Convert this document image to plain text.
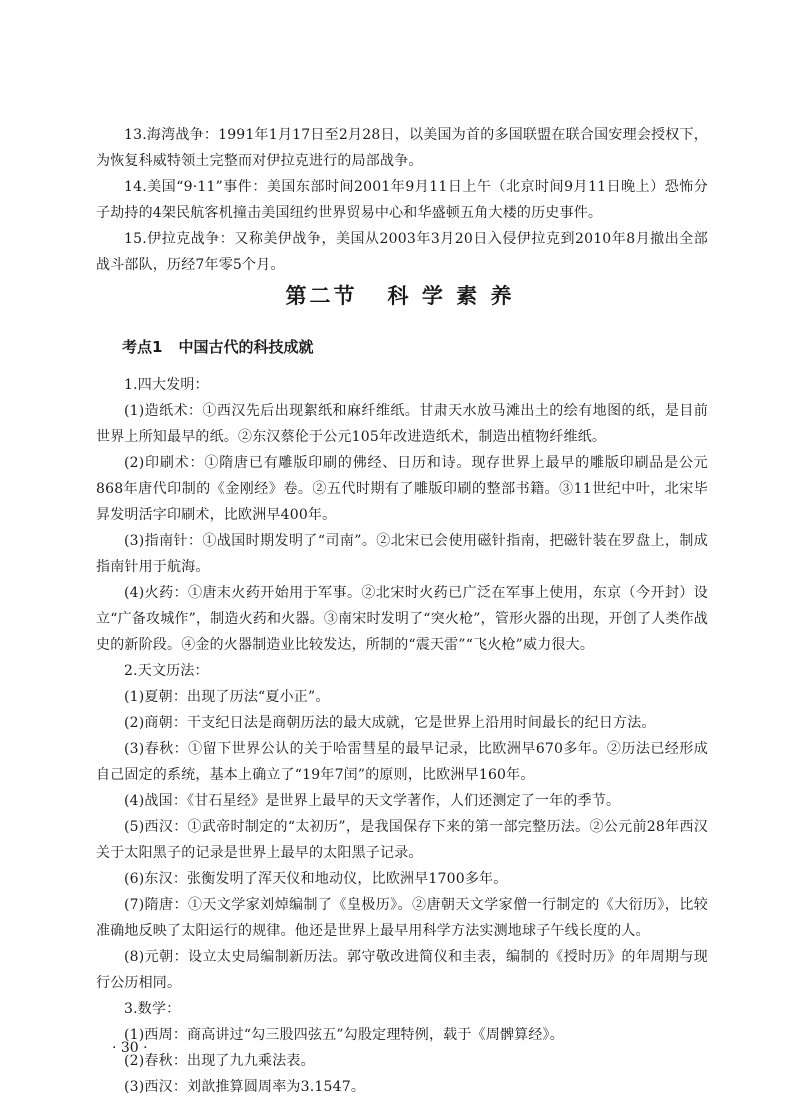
13.海湾战争：1991年1月17日至2月28日，以美国为首的多国联盟在联合国安理会授权下，为恢复科威特领土完整而对伊拉克进行的局部战争。

14.美国“9·11”事件：美国东部时间2001年9月11日上午（北京时间9月11日晚上）恐怖分子劫持的4架民航客机撞击美国纽约世界贸易中心和华盛顿五角大楼的历史事件。

15.伊拉克战争：又称美伊战争，美国从2003年3月20日入侵伊拉克到2010年8月撤出全部战斗部队，历经7年零5个月。

第二节 科 学 素 养
考点1 中国古代的科技成就

1.四大发明：

(1)造纸术：①西汉先后出现絮纸和麻纤维纸。甘肃天水放马滩出土的绘有地图的纸，是目前世界上所知最早的纸。②东汉蔡伦于公元105年改进造纸术，制造出植物纤维纸。

(2)印刷术：①隋唐已有雕版印刷的佛经、日历和诗。现存世界上最早的雕版印刷品是公元868年唐代印制的《金刚经》卷。②五代时期有了雕版印刷的整部书籍。③11世纪中叶，北宋毕昇发明活字印刷术，比欧洲早400年。

(3)指南针：①战国时期发明了“司南”。②北宋已会使用磁针指南，把磁针装在罗盘上，制成指南针用于航海。

(4)火药：①唐末火药开始用于军事。②北宋时火药已广泛在军事上使用，东京（今开封）设立“广备攻城作”，制造火药和火器。③南宋时发明了“突火枪”，管形火器的出现，开创了人类作战史的新阶段。④金的火器制造业比较发达，所制的“震天雷”“飞火枪”威力很大。

2.天文历法：

(1)夏朝：出现了历法“夏小正”。

(2)商朝：干支纪日法是商朝历法的最大成就，它是世界上沿用时间最长的纪日方法。

(3)春秋：①留下世界公认的关于哈雷彗星的最早记录，比欧洲早670多年。②历法已经形成自己固定的系统，基本上确立了“19年7闰”的原则，比欧洲早160年。

(4)战国：《甘石星经》是世界上最早的天文学著作，人们还测定了一年的季节。

(5)西汉：①武帝时制定的“太初历”，是我国保存下来的第一部完整历法。②公元前28年西汉关于太阳黑子的记录是世界上最早的太阳黑子记录。

(6)东汉：张衡发明了浑天仪和地动仪，比欧洲早1700多年。

(7)隋唐：①天文学家刘焯编制了《皇极历》。②唐朝天文学家僧一行制定的《大衍历》，比较准确地反映了太阳运行的规律。他还是世界上最早用科学方法实测地球子午线长度的人。

(8)元朝：设立太史局编制新历法。郭守敬改进简仪和圭表，编制的《授时历》的年周期与现行公历相同。

3.数学：

(1)西周：商高讲过“勾三股四弦五”勾股定理特例，载于《周髀算经》。

(2)春秋：出现了九九乘法表。

(3)西汉：刘歆推算圆周率为3.1547。

· 30 ·
